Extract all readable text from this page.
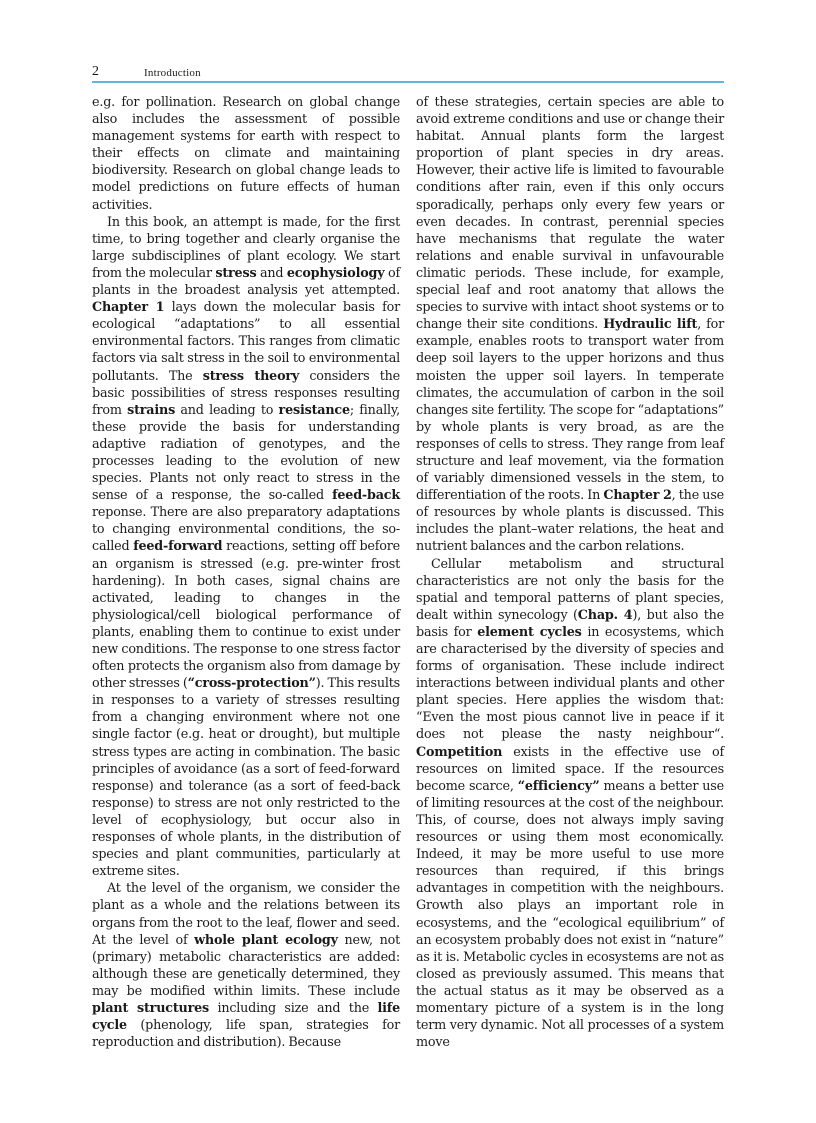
2	Introduction

e.g. for pollination. Research on global change also includes the assessment of possible management systems for earth with respect to their effects on climate and maintaining biodiversity. Research on global change leads to model predictions on future effects of human activities.

In this book, an attempt is made, for the first time, to bring together and clearly organise the large subdisciplines of plant ecology. We start from the molecular stress and ecophysiology of plants in the broadest analysis yet attempted. Chapter 1 lays down the molecular basis for ecological “adaptations” to all essential environmental factors. This ranges from climatic factors via salt stress in the soil to environmental pollutants. The stress theory considers the basic possibilities of stress responses resulting from strains and leading to resistance; finally, these provide the basis for understanding adaptive radiation of genotypes, and the processes leading to the evolution of new species. Plants not only react to stress in the sense of a response, the so-called feed-back reponse. There are also preparatory adaptations to changing environmental conditions, the so-called feed-forward reactions, setting off before an organism is stressed (e.g. pre-winter frost hardening). In both cases, signal chains are activated, leading to changes in the physiological/cell biological performance of plants, enabling them to continue to exist under new conditions. The response to one stress factor often protects the organism also from damage by other stresses (“cross-protection”). This results in responses to a variety of stresses resulting from a changing environment where not one single factor (e.g. heat or drought), but multiple stress types are acting in combination. The basic principles of avoidance (as a sort of feed-forward response) and tolerance (as a sort of feed-back response) to stress are not only restricted to the level of ecophysiology, but occur also in responses of whole plants, in the distribution of species and plant communities, particularly at extreme sites.

At the level of the organism, we consider the plant as a whole and the relations between its organs from the root to the leaf, flower and seed. At the level of whole plant ecology new, not (primary) metabolic characteristics are added: although these are genetically determined, they may be modified within limits. These include plant structures including size and the life cycle (phenology, life span, strategies for reproduction and distribution). Because

of these strategies, certain species are able to avoid extreme conditions and use or change their habitat. Annual plants form the largest proportion of plant species in dry areas. However, their active life is limited to favourable conditions after rain, even if this only occurs sporadically, perhaps only every few years or even decades. In contrast, perennial species have mechanisms that regulate the water relations and enable survival in unfavourable climatic periods. These include, for example, special leaf and root anatomy that allows the species to survive with intact shoot systems or to change their site conditions. Hydraulic lift, for example, enables roots to transport water from deep soil layers to the upper horizons and thus moisten the upper soil layers. In temperate climates, the accumulation of carbon in the soil changes site fertility. The scope for “adaptations” by whole plants is very broad, as are the responses of cells to stress. They range from leaf structure and leaf movement, via the formation of variably dimensioned vessels in the stem, to differentiation of the roots. In Chapter 2, the use of resources by whole plants is discussed. This includes the plant–water relations, the heat and nutrient balances and the carbon relations.

Cellular metabolism and structural characteristics are not only the basis for the spatial and temporal patterns of plant species, dealt within synecology (Chap. 4), but also the basis for element cycles in ecosystems, which are characterised by the diversity of species and forms of organisation. These include indirect interactions between individual plants and other plant species. Here applies the wisdom that: “Even the most pious cannot live in peace if it does not please the nasty neighbour“. Competition exists in the effective use of resources on limited space. If the resources become scarce, “efficiency” means a better use of limiting resources at the cost of the neighbour. This, of course, does not always imply saving resources or using them most economically. Indeed, it may be more useful to use more resources than required, if this brings advantages in competition with the neighbours. Growth also plays an important role in ecosystems, and the “ecological equilibrium” of an ecosystem probably does not exist in “nature” as it is. Metabolic cycles in ecosystems are not as closed as previously assumed. This means that the actual status as it may be observed as a momentary picture of a system is in the long term very dynamic. Not all processes of a system move
